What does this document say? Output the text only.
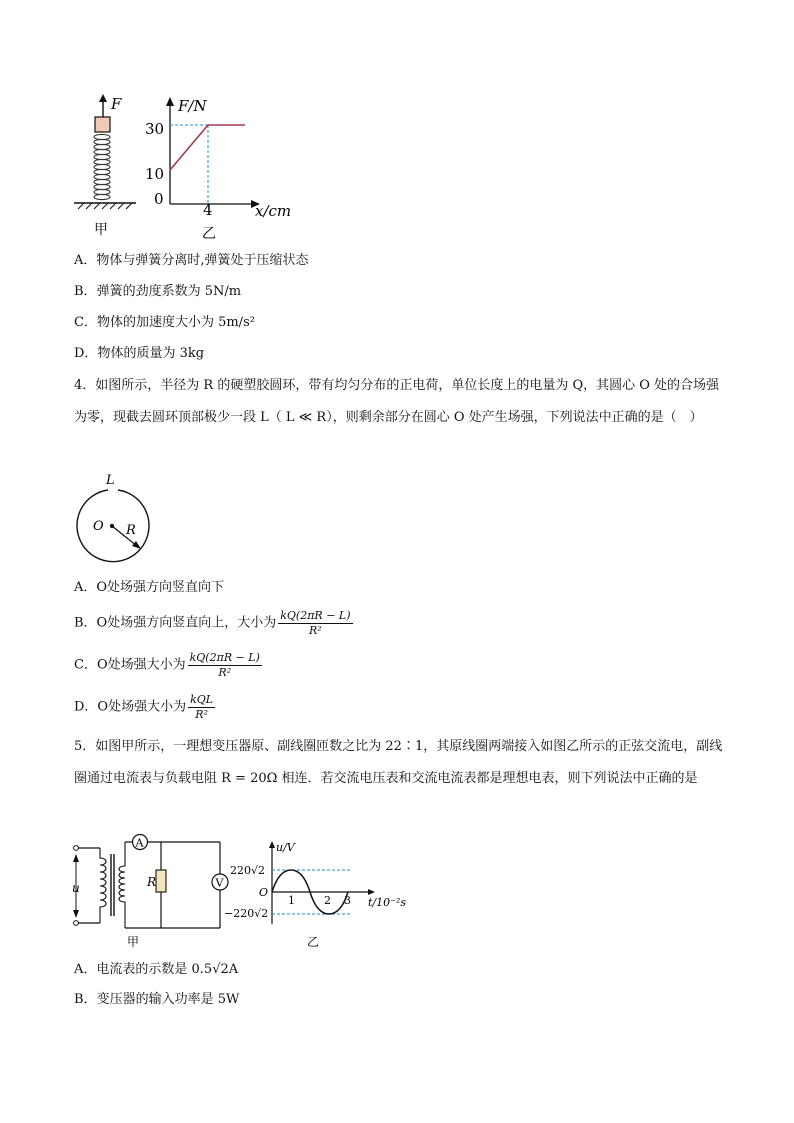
F
甲
F/N
x/cm
30
10
0
4
乙
A．物体与弹簧分离时,弹簧处于压缩状态
B．弹簧的劲度系数为 5N/m
C．物体的加速度大小为 5m/s²
D．物体的质量为 3kg
4．如图所示，半径为 R 的硬塑胶圆环，带有均匀分布的正电荷，单位长度上的电量为 Q，其圆心 O 处的合场强为零，现截去圆环顶部极少一段 L（ L ≪ R），则剩余部分在圆心 O 处产生场强，下列说法中正确的是（　）
L
O R
A．O处场强方向竖直向下
B．O处场强方向竖直向上，大小为 $\frac{kQ(2\pi R - L)}{\text{R²}}$
C．O处场强大小为 $\frac{kQ(2\pi R - L)}{\text{R²}}$
D．O处场强大小为 $\frac{\text{kQL}}{\text{R²}}$
5．如图甲所示，一理想变压器原、副线圈匝数之比为 22∶1，其原线圈两端接入如图乙所示的正弦交流电，副线圈通过电流表与负载电阻 R = 20Ω 相连．若交流电压表和交流电流表都是理想电表，则下列说法中正确的是
u
A
R	V
甲
u/V
t/10⁻²s
220√2
−220√2
O
1	2 3
乙
A．电流表的示数是 0.5√2A
B．变压器的输入功率是 5W
